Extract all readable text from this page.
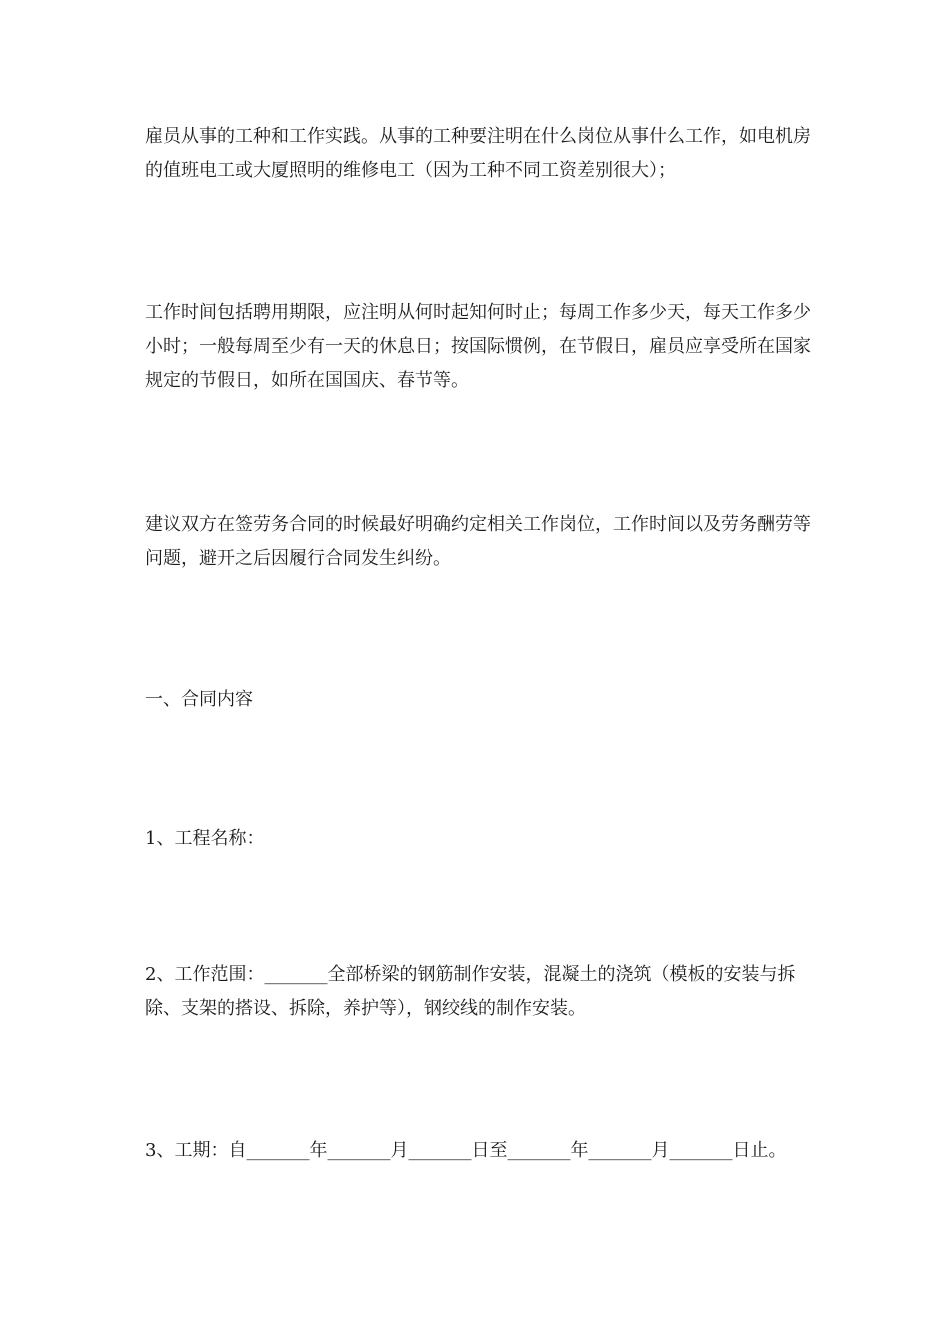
雇员从事的工种和工作实践。从事的工种要注明在什么岗位从事什么工作，如电机房的值班电工或大厦照明的维修电工（因为工种不同工资差别很大）；

工作时间包括聘用期限，应注明从何时起知何时止；每周工作多少天，每天工作多少小时；一般每周至少有一天的休息日；按国际惯例，在节假日，雇员应享受所在国家规定的节假日，如所在国国庆、春节等。

建议双方在签劳务合同的时候最好明确约定相关工作岗位，工作时间以及劳务酬劳等问题，避开之后因履行合同发生纠纷。

一、合同内容

1、工程名称：

2、工作范围：_______全部桥梁的钢筋制作安装，混凝土的浇筑（模板的安装与拆除、支架的搭设、拆除，养护等），钢绞线的制作安装。

3、工期：自_______年_______月_______日至_______年_______月_______日止。
